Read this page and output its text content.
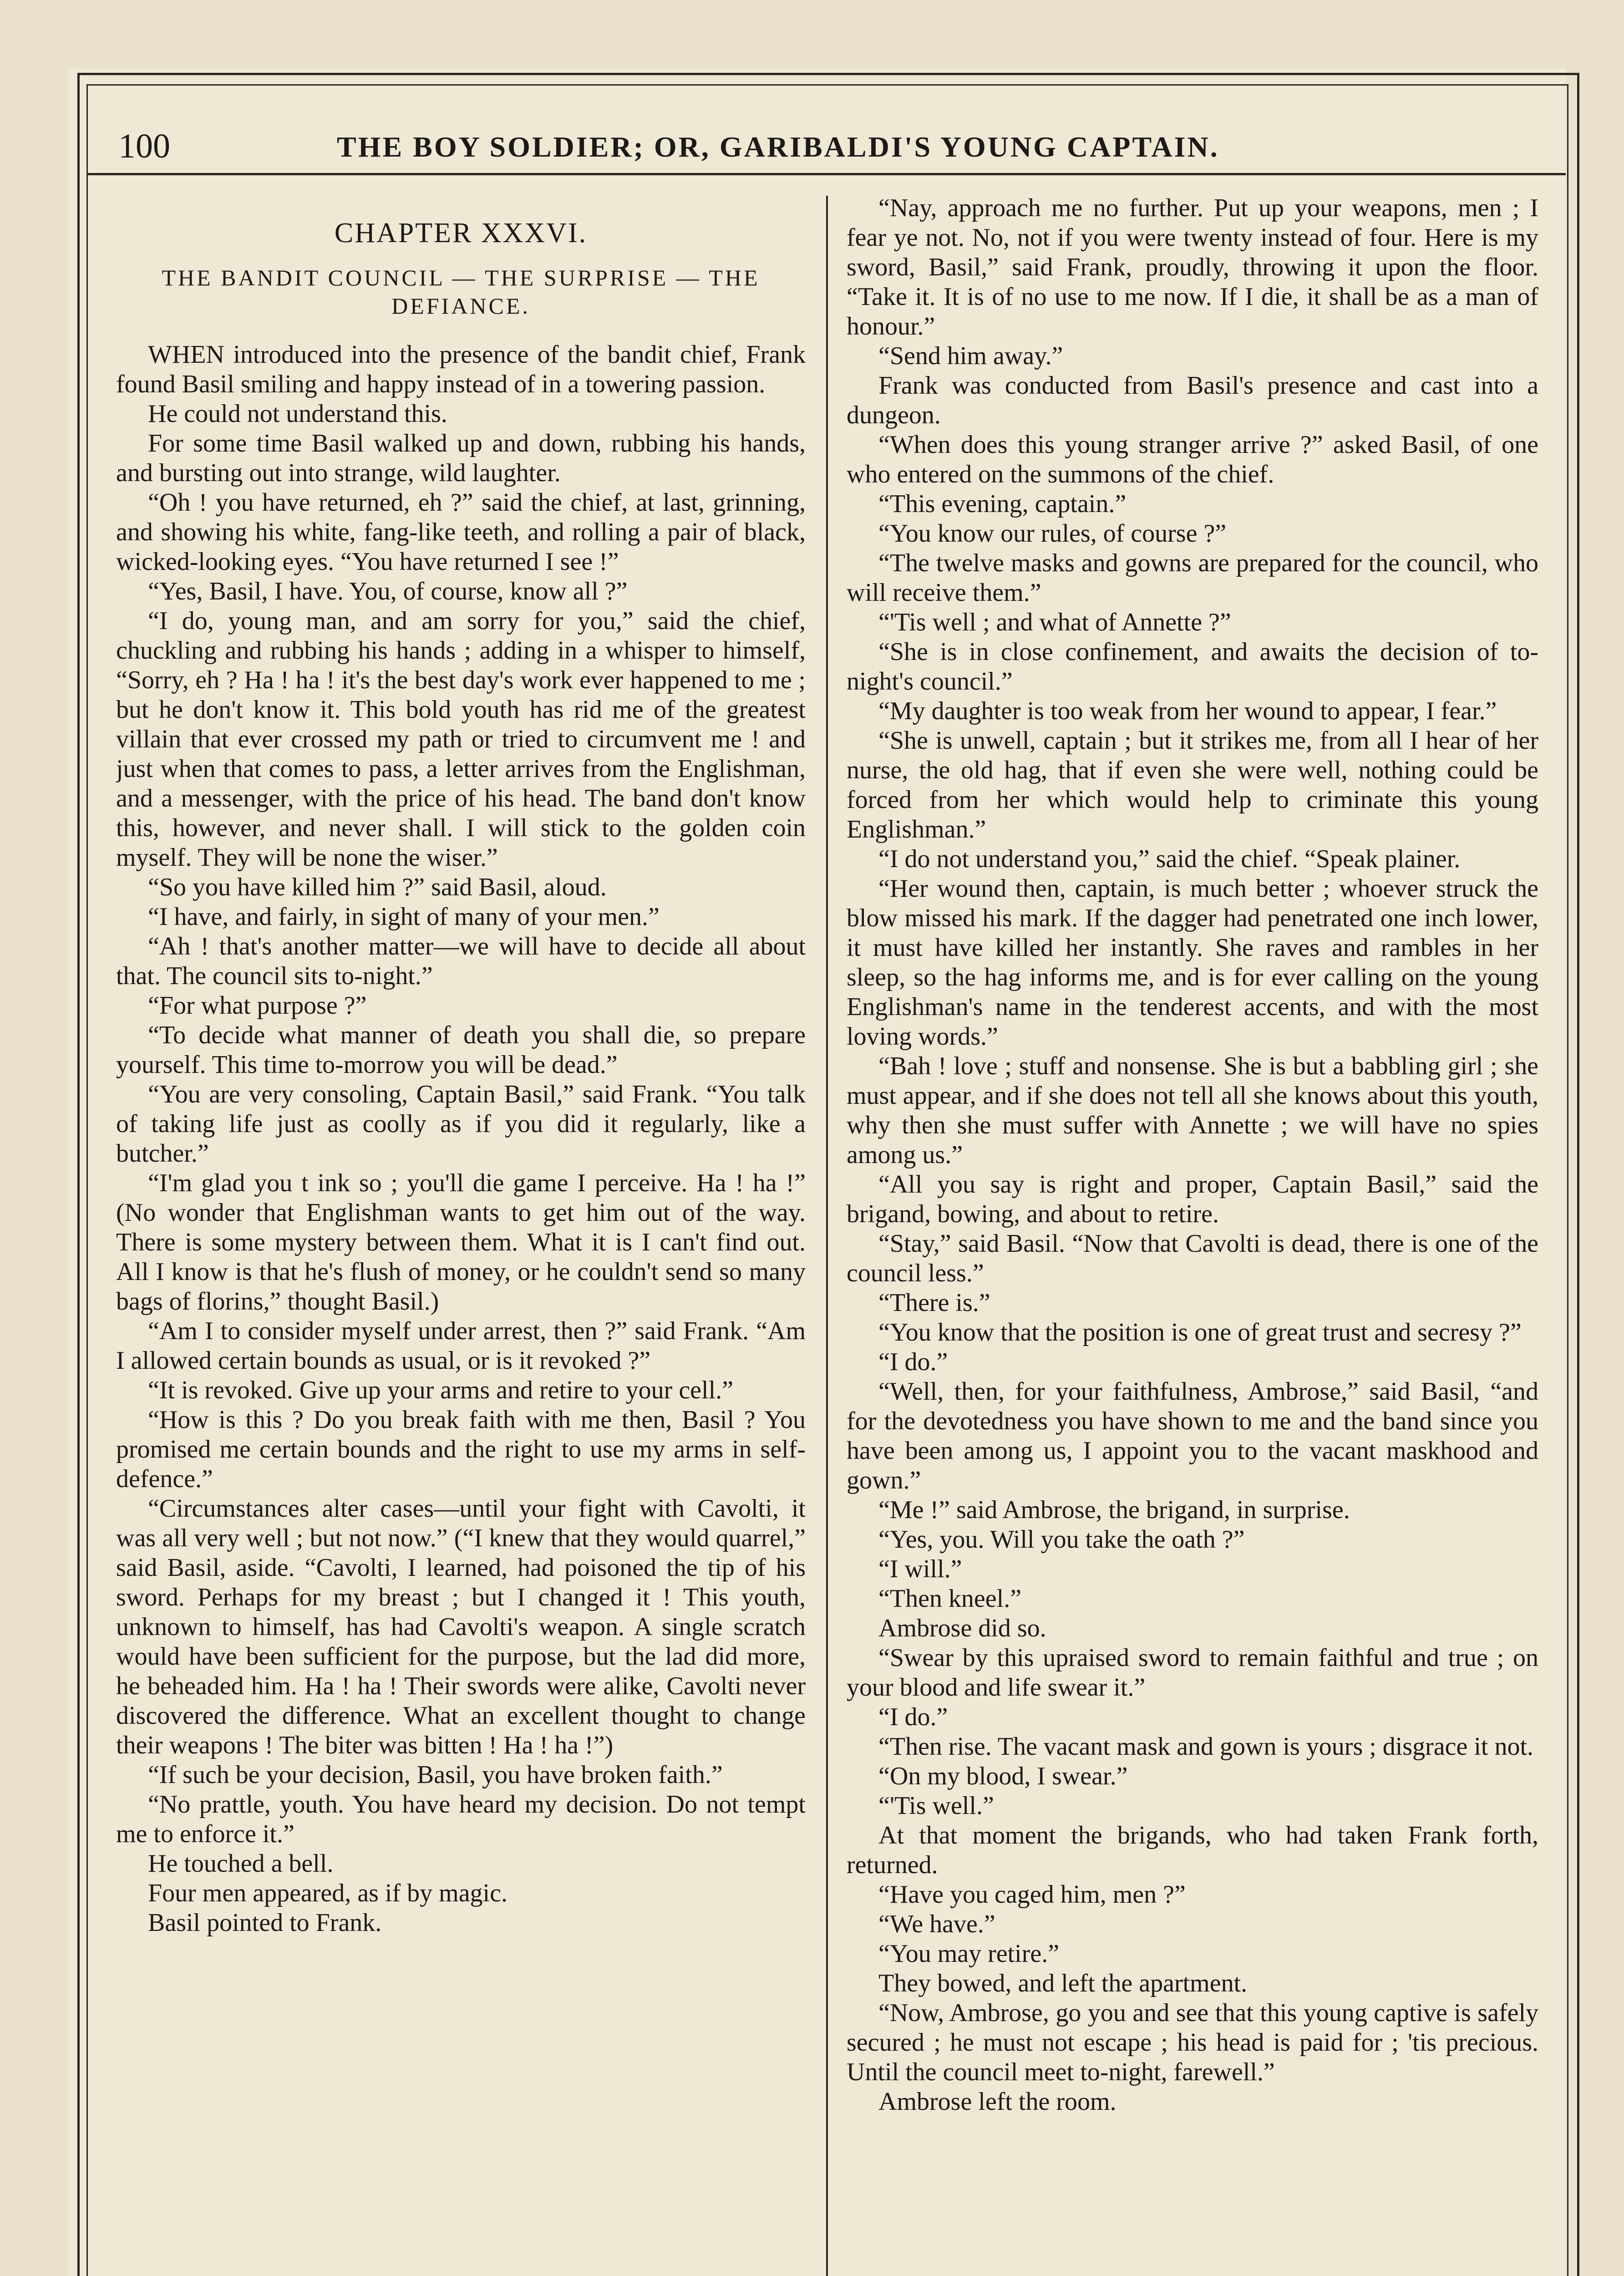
100	THE BOY SOLDIER; OR, GARIBALDI'S YOUNG CAPTAIN.
CHAPTER XXXVI.
THE BANDIT COUNCIL — THE SURPRISE — THE DEFIANCE.

WHEN introduced into the presence of the bandit chief, Frank found Basil smiling and happy instead of in a towering passion.

He could not understand this.

For some time Basil walked up and down, rubbing his hands, and bursting out into strange, wild laughter.

“Oh ! you have returned, eh ?” said the chief, at last, grinning, and showing his white, fang-like teeth, and rolling a pair of black, wicked-looking eyes. “You have returned I see !”

“Yes, Basil, I have. You, of course, know all ?”

“I do, young man, and am sorry for you,” said the chief, chuckling and rubbing his hands ; adding in a whisper to himself, “Sorry, eh ? Ha ! ha ! it's the best day's work ever happened to me ; but he don't know it. This bold youth has rid me of the greatest villain that ever crossed my path or tried to circumvent me ! and just when that comes to pass, a letter arrives from the Englishman, and a messenger, with the price of his head. The band don't know this, however, and never shall. I will stick to the golden coin myself. They will be none the wiser.”

“So you have killed him ?” said Basil, aloud.

“I have, and fairly, in sight of many of your men.”

“Ah ! that's another matter—we will have to decide all about that. The council sits to-night.”

“For what purpose ?”

“To decide what manner of death you shall die, so prepare yourself. This time to-morrow you will be dead.”

“You are very consoling, Captain Basil,” said Frank. “You talk of taking life just as coolly as if you did it regularly, like a butcher.”

“I'm glad you t ink so ; you'll die game I perceive. Ha ! ha !” (No wonder that Englishman wants to get him out of the way. There is some mystery between them. What it is I can't find out. All I know is that he's flush of money, or he couldn't send so many bags of florins,” thought Basil.)

“Am I to consider myself under arrest, then ?” said Frank. “Am I allowed certain bounds as usual, or is it revoked ?”

“It is revoked. Give up your arms and retire to your cell.”

“How is this ? Do you break faith with me then, Basil ? You promised me certain bounds and the right to use my arms in self-defence.”

“Circumstances alter cases—until your fight with Cavolti, it was all very well ; but not now.” (“I knew that they would quarrel,” said Basil, aside. “Cavolti, I learned, had poisoned the tip of his sword. Perhaps for my breast ; but I changed it ! This youth, unknown to himself, has had Cavolti's weapon. A single scratch would have been sufficient for the purpose, but the lad did more, he beheaded him. Ha ! ha ! Their swords were alike, Cavolti never discovered the difference. What an excellent thought to change their weapons ! The biter was bitten ! Ha ! ha !”)

“If such be your decision, Basil, you have broken faith.”

“No prattle, youth. You have heard my decision. Do not tempt me to enforce it.”

He touched a bell.

Four men appeared, as if by magic.

Basil pointed to Frank.

“Nay, approach me no further. Put up your weapons, men ; I fear ye not. No, not if you were twenty instead of four. Here is my sword, Basil,” said Frank, proudly, throwing it upon the floor. “Take it. It is of no use to me now. If I die, it shall be as a man of honour.”

“Send him away.”

Frank was conducted from Basil's presence and cast into a dungeon.

“When does this young stranger arrive ?” asked Basil, of one who entered on the summons of the chief.

“This evening, captain.”

“You know our rules, of course ?”

“The twelve masks and gowns are prepared for the council, who will receive them.”

“'Tis well ; and what of Annette ?”

“She is in close confinement, and awaits the decision of to-night's council.”

“My daughter is too weak from her wound to appear, I fear.”

“She is unwell, captain ; but it strikes me, from all I hear of her nurse, the old hag, that if even she were well, nothing could be forced from her which would help to criminate this young Englishman.”

“I do not understand you,” said the chief. “Speak plainer.

“Her wound then, captain, is much better ; whoever struck the blow missed his mark. If the dagger had penetrated one inch lower, it must have killed her instantly. She raves and rambles in her sleep, so the hag informs me, and is for ever calling on the young Englishman's name in the tenderest accents, and with the most loving words.”

“Bah ! love ; stuff and nonsense. She is but a babbling girl ; she must appear, and if she does not tell all she knows about this youth, why then she must suffer with Annette ; we will have no spies among us.”

“All you say is right and proper, Captain Basil,” said the brigand, bowing, and about to retire.

“Stay,” said Basil. “Now that Cavolti is dead, there is one of the council less.”

“There is.”

“You know that the position is one of great trust and secresy ?”

“I do.”

“Well, then, for your faithfulness, Ambrose,” said Basil, “and for the devotedness you have shown to me and the band since you have been among us, I appoint you to the vacant maskhood and gown.”

“Me !” said Ambrose, the brigand, in surprise.

“Yes, you. Will you take the oath ?”

“I will.”

“Then kneel.”

Ambrose did so.

“Swear by this upraised sword to remain faithful and true ; on your blood and life swear it.”

“I do.”

“Then rise. The vacant mask and gown is yours ; disgrace it not.

“On my blood, I swear.”

“'Tis well.”

At that moment the brigands, who had taken Frank forth, returned.

“Have you caged him, men ?”

“We have.”

“You may retire.”

They bowed, and left the apartment.

“Now, Ambrose, go you and see that this young captive is safely secured ; he must not escape ; his head is paid for ; 'tis precious. Until the council meet to-night, farewell.”

Ambrose left the room.
